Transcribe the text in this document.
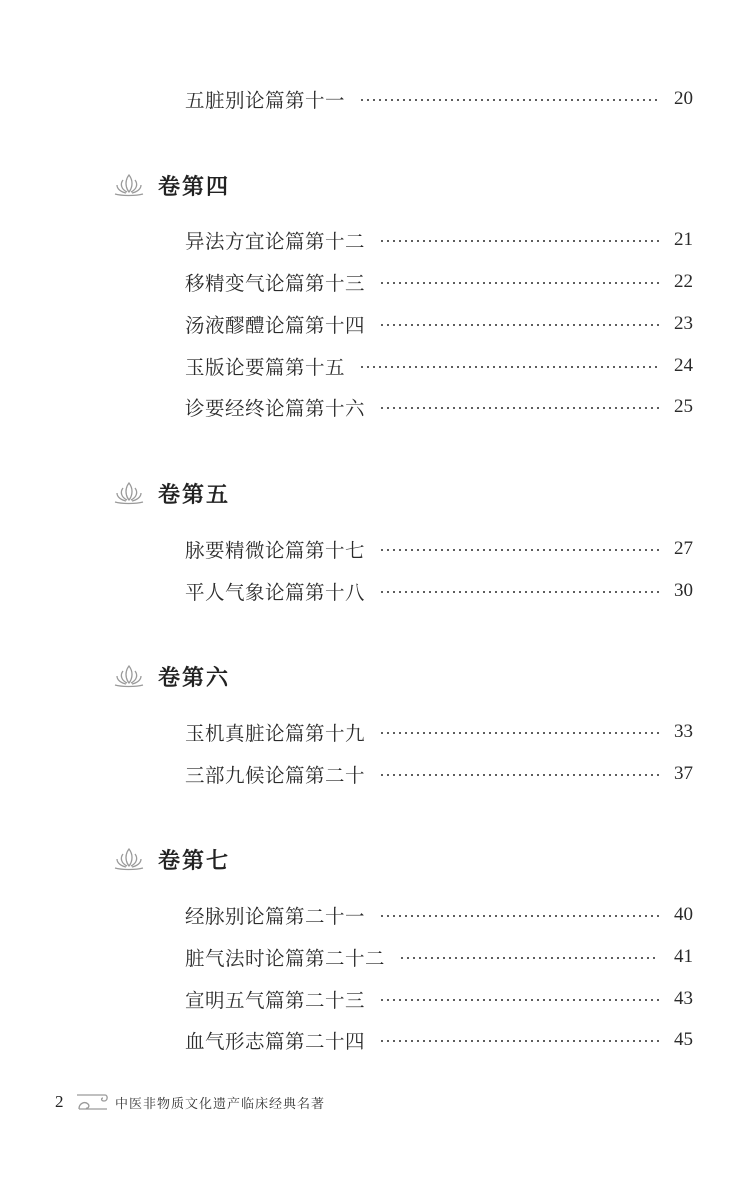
五脏别论篇第十一	20
卷第四
异法方宜论篇第十二	21
移精变气论篇第十三	22
汤液醪醴论篇第十四	23
玉版论要篇第十五	24
诊要经终论篇第十六	25
卷第五
脉要精微论篇第十七	27
平人气象论篇第十八	30
卷第六
玉机真脏论篇第十九	33
三部九候论篇第二十	37
卷第七
经脉别论篇第二十一	40
脏气法时论篇第二十二	41
宣明五气篇第二十三	43
血气形志篇第二十四	45
2	中医非物质文化遗产临床经典名著
